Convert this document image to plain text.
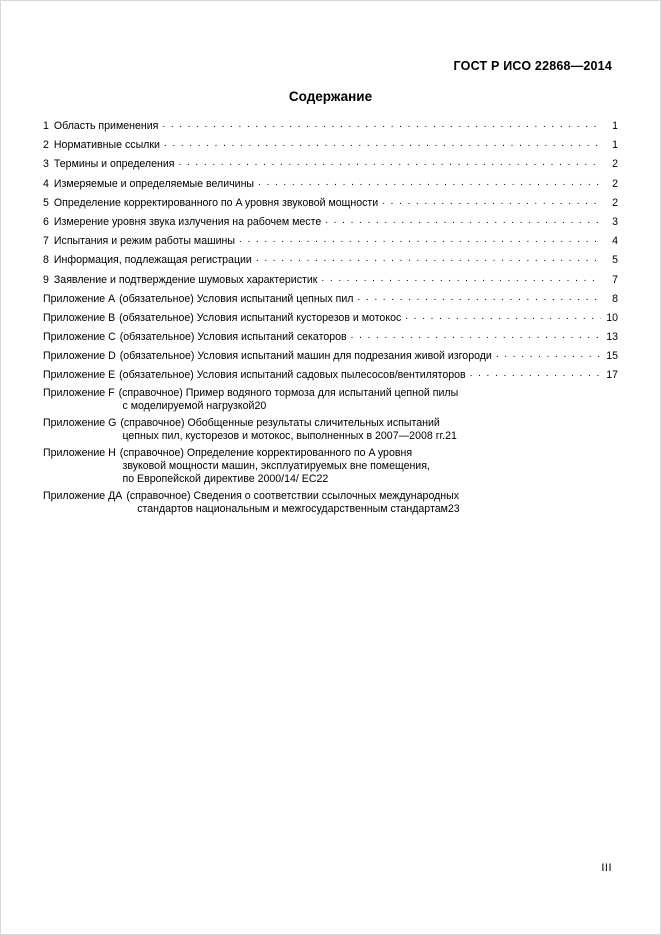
ГОСТ Р ИСО 22868—2014
Содержание
1 Область применения . . .	1
2 Нормативные ссылки . . .	1
3 Термины и определения . . .	2
4 Измеряемые и определяемые величины . . .	2
5 Определение корректированного по A уровня звуковой мощности . . .	2
6 Измерение уровня звука излучения на рабочем месте . . .	3
7 Испытания и режим работы машины . . .	4
8 Информация, подлежащая регистрации . . .	5
9 Заявление и подтверждение шумовых характеристик . . .	7
Приложение A (обязательное) Условия испытаний цепных пил . . .	8
Приложение B (обязательное) Условия испытаний кусторезов и мотокос . . .	10
Приложение C (обязательное) Условия испытаний секаторов . . .	13
Приложение D (обязательное) Условия испытаний машин для подрезания живой изгороди . . .	15
Приложение E (обязательное) Условия испытаний садовых пылесосов/вентиляторов . . .	17
Приложение F (справочное) Пример водяного тормоза для испытаний цепной пилы

с моделируемой нагрузкой 20
Приложение G (справочное) Обобщенные результаты сличительных испытаний

цепных пил, кусторезов и мотокос, выполненных в 2007—2008 гг. 21
Приложение H (справочное) Определение корректированного по A уровня

звуковой мощности машин, эксплуатируемых вне помещения,

по Европейской директиве 2000/14/ ЕС 22
Приложение ДА (справочное) Сведения о соответствии ссылочных международных

стандартов национальным и межгосударственным стандартам 23
III
